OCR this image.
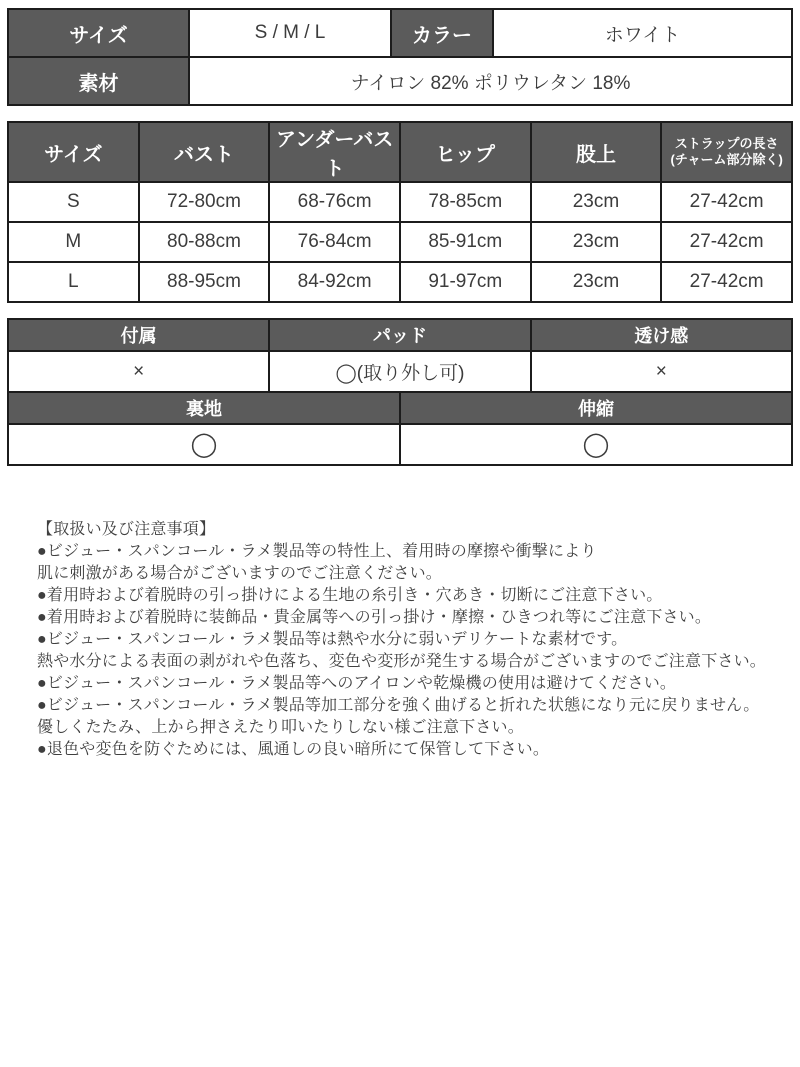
サイズ	S / M / L	カラー	ホワイト
素材	ナイロン 82% ポリウレタン 18%		
サイズ	バスト	アンダーバスト	ヒップ	股上	ストラップの長さ
(チャーム部分除く)

S	72-80cm	68-76cm	78-85cm	23cm	27-42cm
M	80-88cm	76-84cm	85-91cm	23cm	27-42cm
L	88-95cm	84-92cm	91-97cm	23cm	27-42cm
付属	パッド		透け感
×	◯(取り外し可)		×
裏地		伸縮	
◯		◯	
【取扱い及び注意事項】
●ビジュー・スパンコール・ラメ製品等の特性上、着用時の摩擦や衝撃により
肌に刺激がある場合がございますのでご注意ください。
●着用時および着脱時の引っ掛けによる生地の糸引き・穴あき・切断にご注意下さい。
●着用時および着脱時に装飾品・貴金属等への引っ掛け・摩擦・ひきつれ等にご注意下さい。
●ビジュー・スパンコール・ラメ製品等は熱や水分に弱いデリケートな素材です。
熱や水分による表面の剥がれや色落ち、変色や変形が発生する場合がございますのでご注意下さい。
●ビジュー・スパンコール・ラメ製品等へのアイロンや乾燥機の使用は避けてください。
●ビジュー・スパンコール・ラメ製品等加工部分を強く曲げると折れた状態になり元に戻りません。
優しくたたみ、上から押さえたり叩いたりしない様ご注意下さい。
●退色や変色を防ぐためには、風通しの良い暗所にて保管して下さい。
